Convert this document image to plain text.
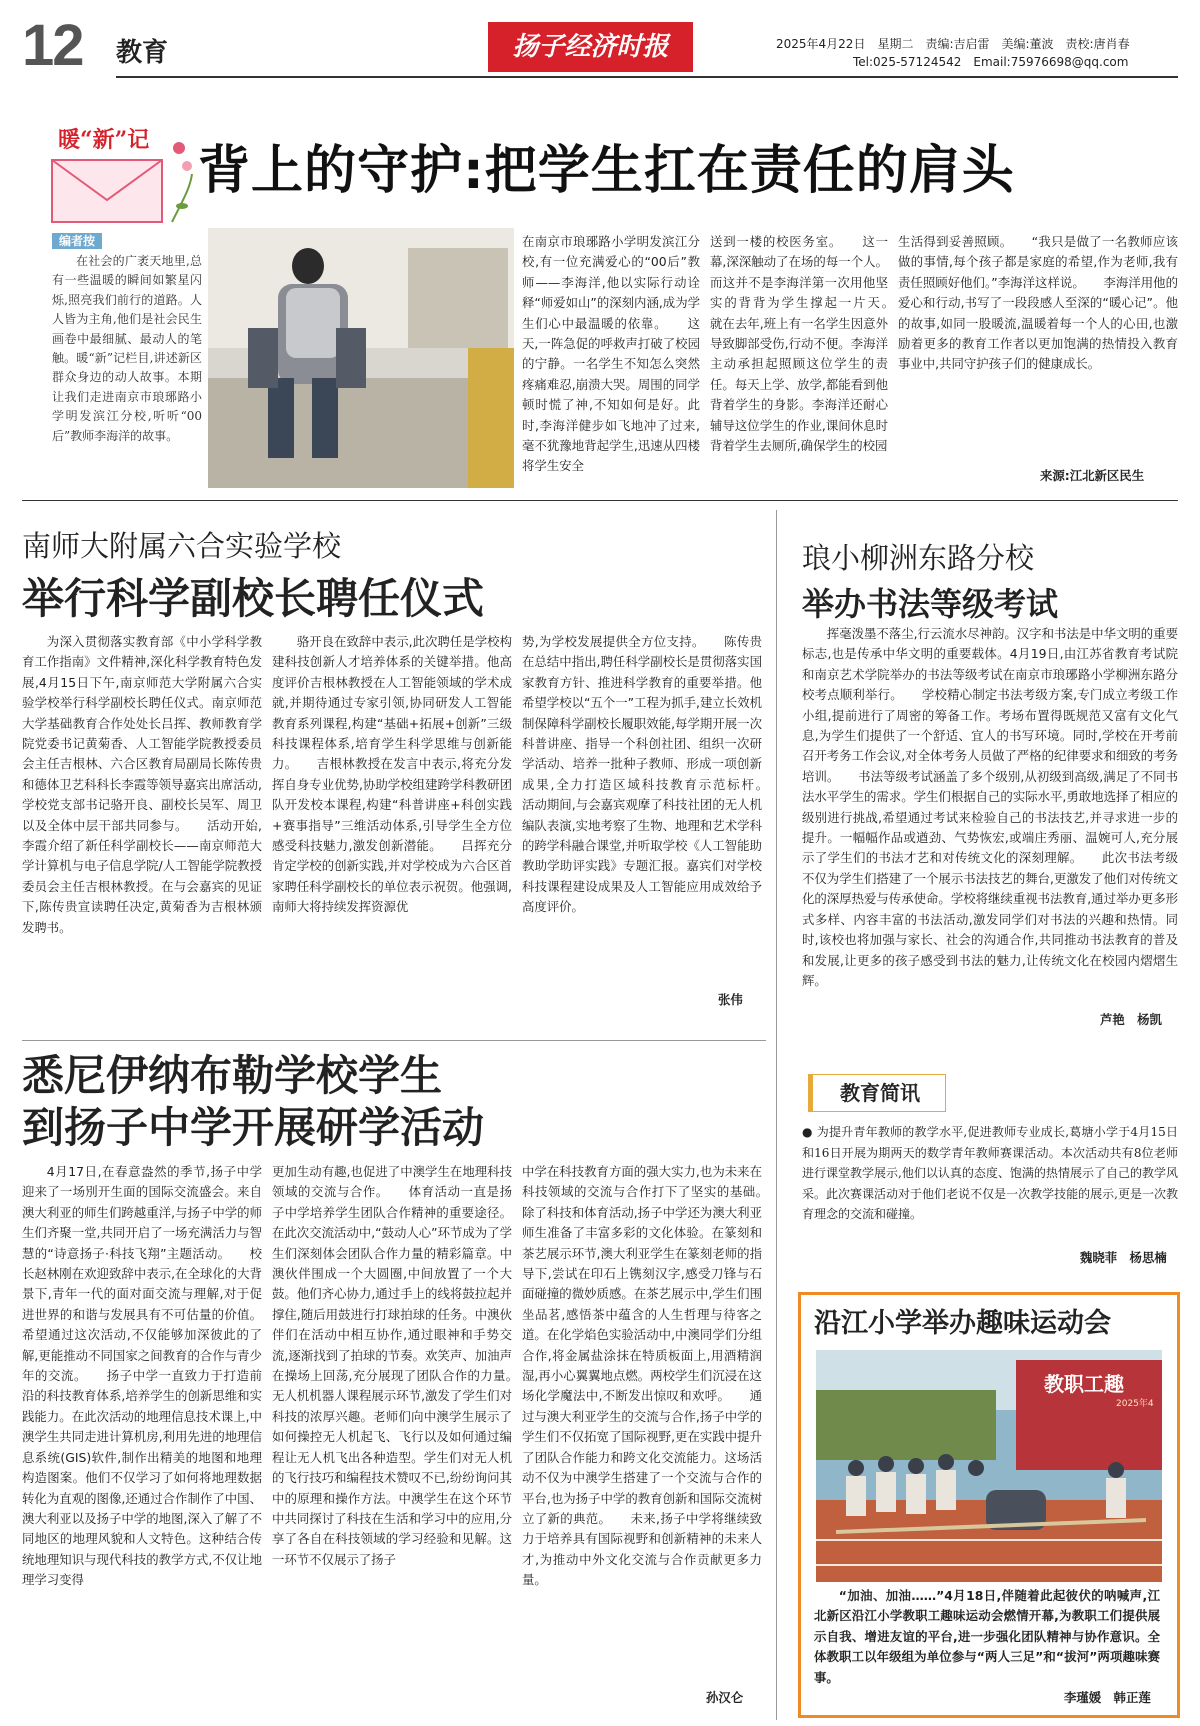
12 教育	扬子经济时报	2025年4月22日　星期二　责编:吉启雷　美编:董波　责校:唐肖春
Tel:025-57124542　Email:75976698@qq.com
暖“新”记
背上的守护:把学生扛在责任的肩头
编者按
在社会的广袤天地里,总有一些温暖的瞬间如繁星闪烁,照亮我们前行的道路。人人皆为主角,他们是社会民生画卷中最细腻、最动人的笔触。暖“新”记栏目,讲述新区群众身边的动人故事。本期让我们走进南京市琅琊路小学明发滨江分校,听听“00后”教师李海洋的故事。
在南京市琅琊路小学明发滨江分校,有一位充满爱心的“00后”教师——李海洋,他以实际行动诠释“师爱如山”的深刻内涵,成为学生们心中最温暖的依靠。　　这天,一阵急促的呼救声打破了校园的宁静。一名学生不知怎么突然疼痛难忍,崩溃大哭。周围的同学顿时慌了神,不知如何是好。此时,李海洋健步如飞地冲了过来,毫不犹豫地背起学生,迅速从四楼将学生安全
送到一楼的校医务室。　　这一幕,深深触动了在场的每一个人。而这并不是李海洋第一次用他坚实的背背为学生撑起一片天。　　就在去年,班上有一名学生因意外导致脚部受伤,行动不便。李海洋主动承担起照顾这位学生的责任。每天上学、放学,都能看到他背着学生的身影。李海洋还耐心辅导这位学生的作业,课间休息时背着学生去厕所,确保学生的校园
生活得到妥善照顾。　　“我只是做了一名教师应该做的事情,每个孩子都是家庭的希望,作为老师,我有责任照顾好他们。”李海洋这样说。　　李海洋用他的爱心和行动,书写了一段段感人至深的“暖心记”。他的故事,如同一股暖流,温暖着每一个人的心田,也激励着更多的教育工作者以更加饱满的热情投入教育事业中,共同守护孩子们的健康成长。
来源:江北新区民生
南师大附属六合实验学校
举行科学副校长聘任仪式
为深入贯彻落实教育部《中小学科学教育工作指南》文件精神,深化科学教育特色发展,4月15日下午,南京师范大学附属六合实验学校举行科学副校长聘任仪式。南京师范大学基础教育合作处处长吕挥、教师教育学院党委书记黄菊香、人工智能学院教授委员会主任吉根林、六合区教育局副局长陈传贵和德体卫艺科科长李霞等领导嘉宾出席活动,学校党支部书记骆开良、副校长吴军、周卫以及全体中层干部共同参与。　　活动开始,李霞介绍了新任科学副校长——南京师范大学计算机与电子信息学院/人工智能学院教授委员会主任吉根林教授。在与会嘉宾的见证下,陈传贵宣读聘任决定,黄菊香为吉根林颁发聘书。
骆开良在致辞中表示,此次聘任是学校构建科技创新人才培养体系的关键举措。他高度评价吉根林教授在人工智能领域的学术成就,并期待通过专家引领,协同研发人工智能教育系列课程,构建“基础+拓展+创新”三级科技课程体系,培育学生科学思维与创新能力。　　吉根林教授在发言中表示,将充分发挥自身专业优势,协助学校组建跨学科教研团队开发校本课程,构建“科普讲座+科创实践+赛事指导”三维活动体系,引导学生全方位感受科技魅力,激发创新潜能。　　吕挥充分肯定学校的创新实践,并对学校成为六合区首家聘任科学副校长的单位表示祝贺。他强调,南师大将持续发挥资源优
势,为学校发展提供全方位支持。　　陈传贵在总结中指出,聘任科学副校长是贯彻落实国家教育方针、推进科学教育的重要举措。他希望学校以“五个一”工程为抓手,建立长效机制保障科学副校长履职效能,每学期开展一次科普讲座、指导一个科创社团、组织一次研学活动、培养一批种子教师、形成一项创新成果,全力打造区域科技教育示范标杆。　　活动期间,与会嘉宾观摩了科技社团的无人机编队表演,实地考察了生物、地理和艺术学科的跨学科融合课堂,并听取学校《人工智能助教助学助评实践》专题汇报。嘉宾们对学校科技课程建设成果及人工智能应用成效给予高度评价。
张伟
琅小柳洲东路分校
举办书法等级考试
挥毫泼墨不落尘,行云流水尽神韵。汉字和书法是中华文明的重要标志,也是传承中华文明的重要载体。4月19日,由江苏省教育考试院和南京艺术学院举办的书法等级考试在南京市琅琊路小学柳洲东路分校考点顺利举行。　　学校精心制定书法考级方案,专门成立考级工作小组,提前进行了周密的筹备工作。考场布置得既规范又富有文化气息,为学生们提供了一个舒适、宜人的书写环境。同时,学校在开考前召开考务工作会议,对全体考务人员做了严格的纪律要求和细致的考务培训。　　书法等级考试涵盖了多个级别,从初级到高级,满足了不同书法水平学生的需求。学生们根据自己的实际水平,勇敢地选择了相应的级别进行挑战,希望通过考试来检验自己的书法技艺,并寻求进一步的提升。一幅幅作品或遒劲、气势恢宏,或端庄秀丽、温婉可人,充分展示了学生们的书法才艺和对传统文化的深刻理解。　　此次书法考级不仅为学生们搭建了一个展示书法技艺的舞台,更激发了他们对传统文化的深厚热爱与传承使命。学校将继续重视书法教育,通过举办更多形式多样、内容丰富的书法活动,激发同学们对书法的兴趣和热情。同时,该校也将加强与家长、社会的沟通合作,共同推动书法教育的普及和发展,让更多的孩子感受到书法的魅力,让传统文化在校园内熠熠生辉。
芦艳　杨凯
教育简讯
● 为提升青年教师的教学水平,促进教师专业成长,葛塘小学于4月15日和16日开展为期两天的数学青年教师赛课活动。本次活动共有8位老师进行课堂教学展示,他们以认真的态度、饱满的热情展示了自己的教学风采。此次赛课活动对于他们老说不仅是一次教学技能的展示,更是一次教育理念的交流和碰撞。
魏晓菲　杨思楠
悉尼伊纳布勒学校学生
到扬子中学开展研学活动
4月17日,在春意盎然的季节,扬子中学迎来了一场別开生面的国际交流盛会。来自澳大利亚的师生们跨越重洋,与扬子中学的师生们齐聚一堂,共同开启了一场充满活力与智慧的“诗意扬子·科技飞翔”主题活动。　　校长赵林刚在欢迎致辞中表示,在全球化的大背景下,青年一代的面对面交流与理解,对于促进世界的和谐与发展具有不可估量的价值。希望通过这次活动,不仅能够加深彼此的了解,更能推动不同国家之间教育的合作与青少年的交流。　　扬子中学一直致力于打造前沿的科技教育体系,培养学生的创新思维和实践能力。在此次活动的地理信息技术课上,中澳学生共同走进计算机房,利用先进的地理信息系统(GIS)软件,制作出精美的地图和地理构造图案。他们不仅学习了如何将地理数据转化为直观的图像,还通过合作制作了中国、澳大利亚以及扬子中学的地图,深入了解了不同地区的地理风貌和人文特色。这种结合传统地理知识与现代科技的教学方式,不仅让地理学习变得
更加生动有趣,也促进了中澳学生在地理科技领域的交流与合作。　　体育活动一直是扬子中学培养学生团队合作精神的重要途径。在此次交流活动中,“鼓动人心”环节成为了学生们深刻体会团队合作力量的精彩篇章。中澳伙伴围成一个大圆圈,中间放置了一个大鼓。他们齐心协力,通过手上的线将鼓拉起并撑住,随后用鼓进行打球拍球的任务。中澳伙伴们在活动中相互协作,通过眼神和手势交流,逐渐找到了拍球的节奏。欢笑声、加油声在操场上回荡,充分展现了团队合作的力量。　　无人机机器人课程展示环节,激发了学生们对科技的浓厚兴趣。老师们向中澳学生展示了如何操控无人机起飞、飞行以及如何通过编程让无人机飞出各种造型。学生们对无人机的飞行技巧和编程技术赞叹不已,纷纷询问其中的原理和操作方法。中澳学生在这个环节中共同探讨了科技在生活和学习中的应用,分享了各自在科技领域的学习经验和见解。这一环节不仅展示了扬子
中学在科技教育方面的强大实力,也为未来在科技领域的交流与合作打下了坚实的基础。　　除了科技和体育活动,扬子中学还为澳大利亚师生准备了丰富多彩的文化体验。在篆刻和茶艺展示环节,澳大利亚学生在篆刻老师的指导下,尝试在印石上镌刻汉字,感受刀锋与石面碰撞的微妙质感。在茶艺展示中,学生们围坐品茗,感悟茶中蕴含的人生哲理与待客之道。在化学焰色实验活动中,中澳同学们分组合作,将金属盐涂抹在特质板面上,用酒精润湿,再小心翼翼地点燃。两校学生们沉浸在这场化学魔法中,不断发出惊叹和欢呼。　　通过与澳大利亚学生的交流与合作,扬子中学的学生们不仅拓宽了国际视野,更在实践中提升了团队合作能力和跨文化交流能力。这场活动不仅为中澳学生搭建了一个交流与合作的平台,也为扬子中学的教育创新和国际交流树立了新的典范。　　未来,扬子中学将继续致力于培养具有国际视野和创新精神的未来人才,为推动中外文化交流与合作贡献更多力量。
孙汉仑
沿江小学举办趣味运动会
教职工趣
2025年4
“加油、加油……”4月18日,伴随着此起彼伏的呐喊声,江北新区沿江小学教职工趣味运动会燃情开幕,为教职工们提供展示自我、增进友谊的平台,进一步强化团队精神与协作意识。全体教职工以年级组为单位参与“两人三足”和“拔河”两项趣味赛事。
李瑾媛　韩正莲
